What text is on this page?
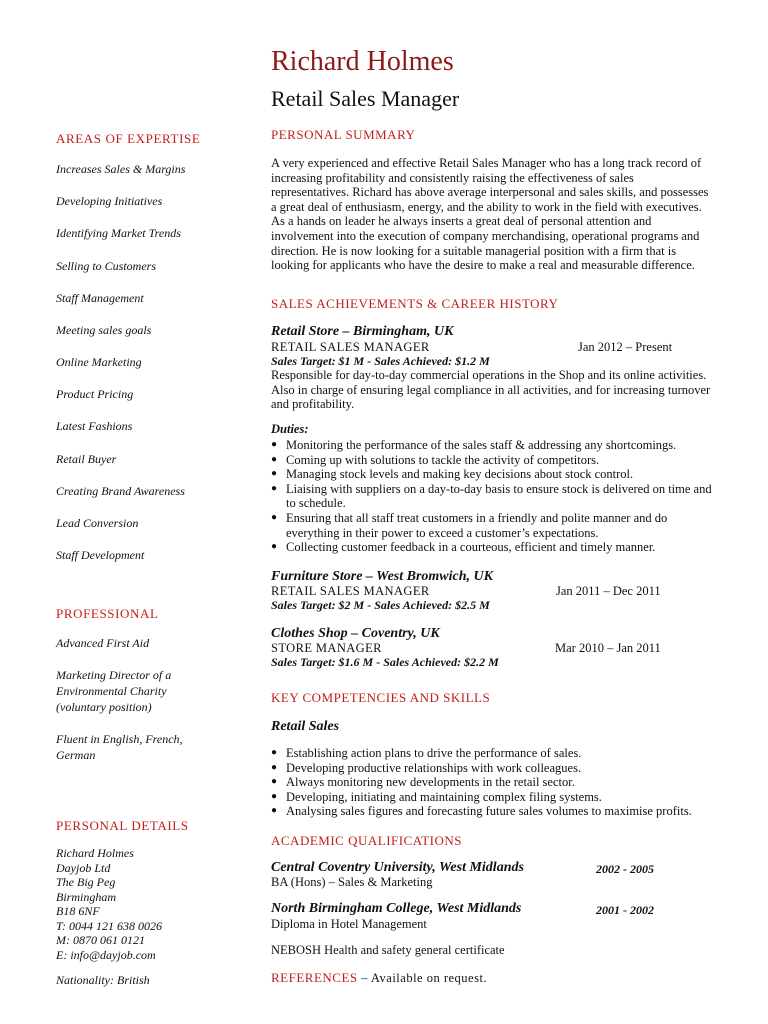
Richard Holmes
Retail Sales Manager
AREAS OF EXPERTISE
Increases Sales & Margins
Developing Initiatives
Identifying Market Trends
Selling to Customers
Staff Management
Meeting sales goals
Online Marketing
Product Pricing
Latest Fashions
Retail Buyer
Creating Brand Awareness
Lead Conversion
Staff Development
PROFESSIONAL
Advanced First Aid
Marketing Director of a Environmental Charity (voluntary position)
Fluent in English, French, German
PERSONAL DETAILS
Richard Holmes
Dayjob Ltd
The Big Peg
Birmingham
B18 6NF
T: 0044 121 638 0026
M: 0870 061 0121
E: info@dayjob.com
Nationality: British
PERSONAL SUMMARY
A very experienced and effective Retail Sales Manager who has a long track record of increasing profitability and consistently raising the effectiveness of sales representatives. Richard has above average interpersonal and sales skills, and possesses a great deal of enthusiasm, energy, and the ability to work in the field with executives. As a hands on leader he always inserts a great deal of personal attention and involvement into the execution of company merchandising, operational programs and direction. He is now looking for a suitable managerial position with a firm that is looking for applicants who have the desire to make a real and measurable difference.
SALES ACHIEVEMENTS & CAREER HISTORY
Retail Store – Birmingham, UK
RETAIL SALES MANAGER	Jan 2012 – Present
Sales Target: $1 M - Sales Achieved: $1.2 M
Responsible for day-to-day commercial operations in the Shop and its online activities. Also in charge of ensuring legal compliance in all activities, and for increasing turnover and profitability.
Duties:
● Monitoring the performance of the sales staff & addressing any shortcomings.
● Coming up with solutions to tackle the activity of competitors.
● Managing stock levels and making key decisions about stock control.
● Liaising with suppliers on a day-to-day basis to ensure stock is delivered on time and to schedule.
● Ensuring that all staff treat customers in a friendly and polite manner and do everything in their power to exceed a customer’s expectations.
● Collecting customer feedback in a courteous, efficient and timely manner.
Furniture Store – West Bromwich, UK
RETAIL SALES MANAGER	Jan 2011 – Dec 2011
Sales Target: $2 M - Sales Achieved: $2.5 M
Clothes Shop – Coventry, UK
STORE MANAGER	Mar 2010 – Jan 2011
Sales Target: $1.6 M - Sales Achieved: $2.2 M
KEY COMPETENCIES AND SKILLS
Retail Sales
● Establishing action plans to drive the performance of sales.
● Developing productive relationships with work colleagues.
● Always monitoring new developments in the retail sector.
● Developing, initiating and maintaining complex filing systems.
● Analysing sales figures and forecasting future sales volumes to maximise profits.
ACADEMIC QUALIFICATIONS
Central Coventry University, West Midlands	2002 - 2005
BA (Hons) – Sales & Marketing
North Birmingham College, West Midlands	2001 - 2002
Diploma in Hotel Management
NEBOSH Health and safety general certificate
REFERENCES – Available on request.
